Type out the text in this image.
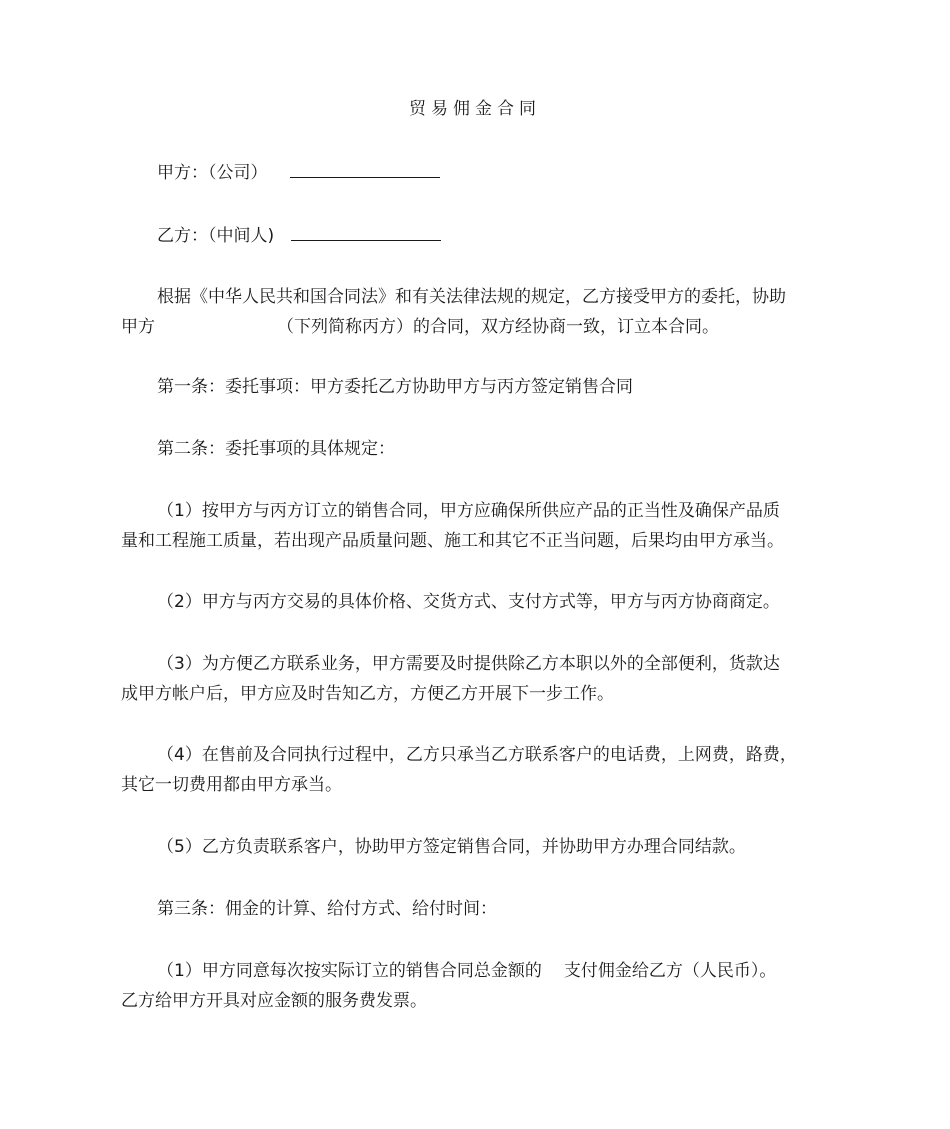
贸易佣金合同
甲方：（公司）
乙方：（中间人)
根据《中华人民共和国合同法》和有关法律法规的规定，乙方接受甲方的委托，协助
甲方	（下列简称丙方）的合同，双方经协商一致，订立本合同。
第一条：委托事项：甲方委托乙方协助甲方与丙方签定销售合同
第二条：委托事项的具体规定：
（1）按甲方与丙方订立的销售合同，甲方应确保所供应产品的正当性及确保产品质
量和工程施工质量，若出现产品质量问题、施工和其它不正当问题，后果均由甲方承当。
（2）甲方与丙方交易的具体价格、交货方式、支付方式等，甲方与丙方协商商定。
（3）为方便乙方联系业务，甲方需要及时提供除乙方本职以外的全部便利，货款达
成甲方帐户后，甲方应及时告知乙方，方便乙方开展下一步工作。
（4）在售前及合同执行过程中，乙方只承当乙方联系客户的电话费，上网费，路费，
其它一切费用都由甲方承当。
（5）乙方负责联系客户，协助甲方签定销售合同，并协助甲方办理合同结款。
第三条：佣金的计算、给付方式、给付时间：
（1）甲方同意每次按实际订立的销售合同总金额的 支付佣金给乙方（人民币）。
乙方给甲方开具对应金额的服务费发票。
